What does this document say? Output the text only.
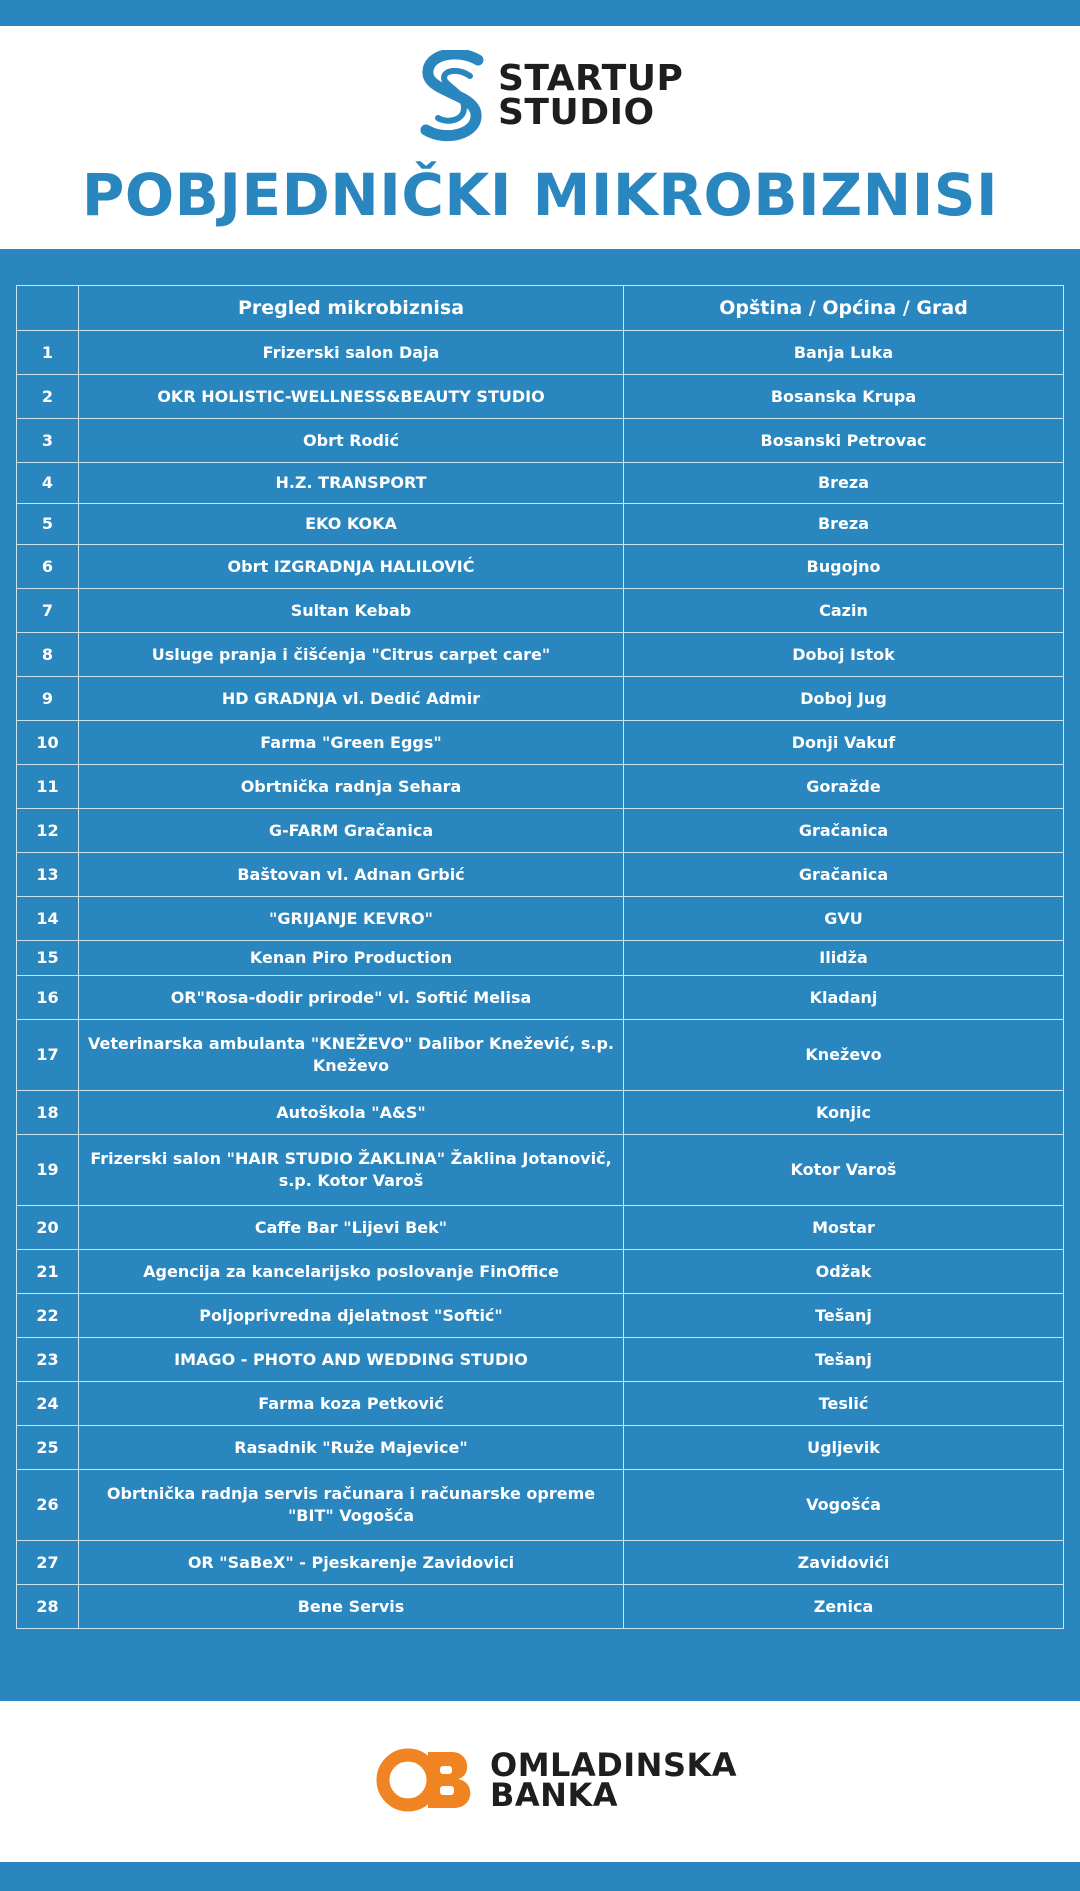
STARTUP
STUDIO
POBJEDNIČKI MIKROBIZNISI
	Pregled mikrobiznisa	Opština / Općina / Grad
1	Frizerski salon Daja	Banja Luka
2	OKR HOLISTIC-WELLNESS&BEAUTY STUDIO	Bosanska Krupa
3	Obrt Rodić	Bosanski Petrovac
4	H.Z. TRANSPORT	Breza
5	EKO KOKA	Breza
6	Obrt IZGRADNJA HALILOVIĆ	Bugojno
7	Sultan Kebab	Cazin
8	Usluge pranja i čišćenja "Citrus carpet care"	Doboj Istok
9	HD GRADNJA vl. Dedić Admir	Doboj Jug
10	Farma "Green Eggs"	Donji Vakuf
11	Obrtnička radnja Sehara	Goražde
12	G-FARM Gračanica	Gračanica
13	Baštovan vl. Adnan Grbić	Gračanica
14	"GRIJANJE KEVRO"	GVU
15	Kenan Piro Production	Ilidža
16	OR"Rosa-dodir prirode" vl. Softić Melisa	Kladanj
17	Veterinarska ambulanta "KNEŽEVO" Dalibor Knežević, s.p. Kneževo	Kneževo
18	Autoškola "A&S"	Konjic
19	Frizerski salon "HAIR STUDIO ŽAKLINA" Žaklina Jotanovič, s.p. Kotor Varoš	Kotor Varoš
20	Caffe Bar "Lijevi Bek"	Mostar
21	Agencija za kancelarijsko poslovanje FinOffice	Odžak
22	Poljoprivredna djelatnost "Softić"	Tešanj
23	IMAGO - PHOTO AND WEDDING STUDIO	Tešanj
24	Farma koza Petković	Teslić
25	Rasadnik "Ruže Majevice"	Ugljevik
26	Obrtnička radnja servis računara i računarske opreme "BIT" Vogošća	Vogošća
27	OR "SaBeX" - Pjeskarenje Zavidovici	Zavidovići
28	Bene Servis	Zenica
OMLADINSKA
BANKA
